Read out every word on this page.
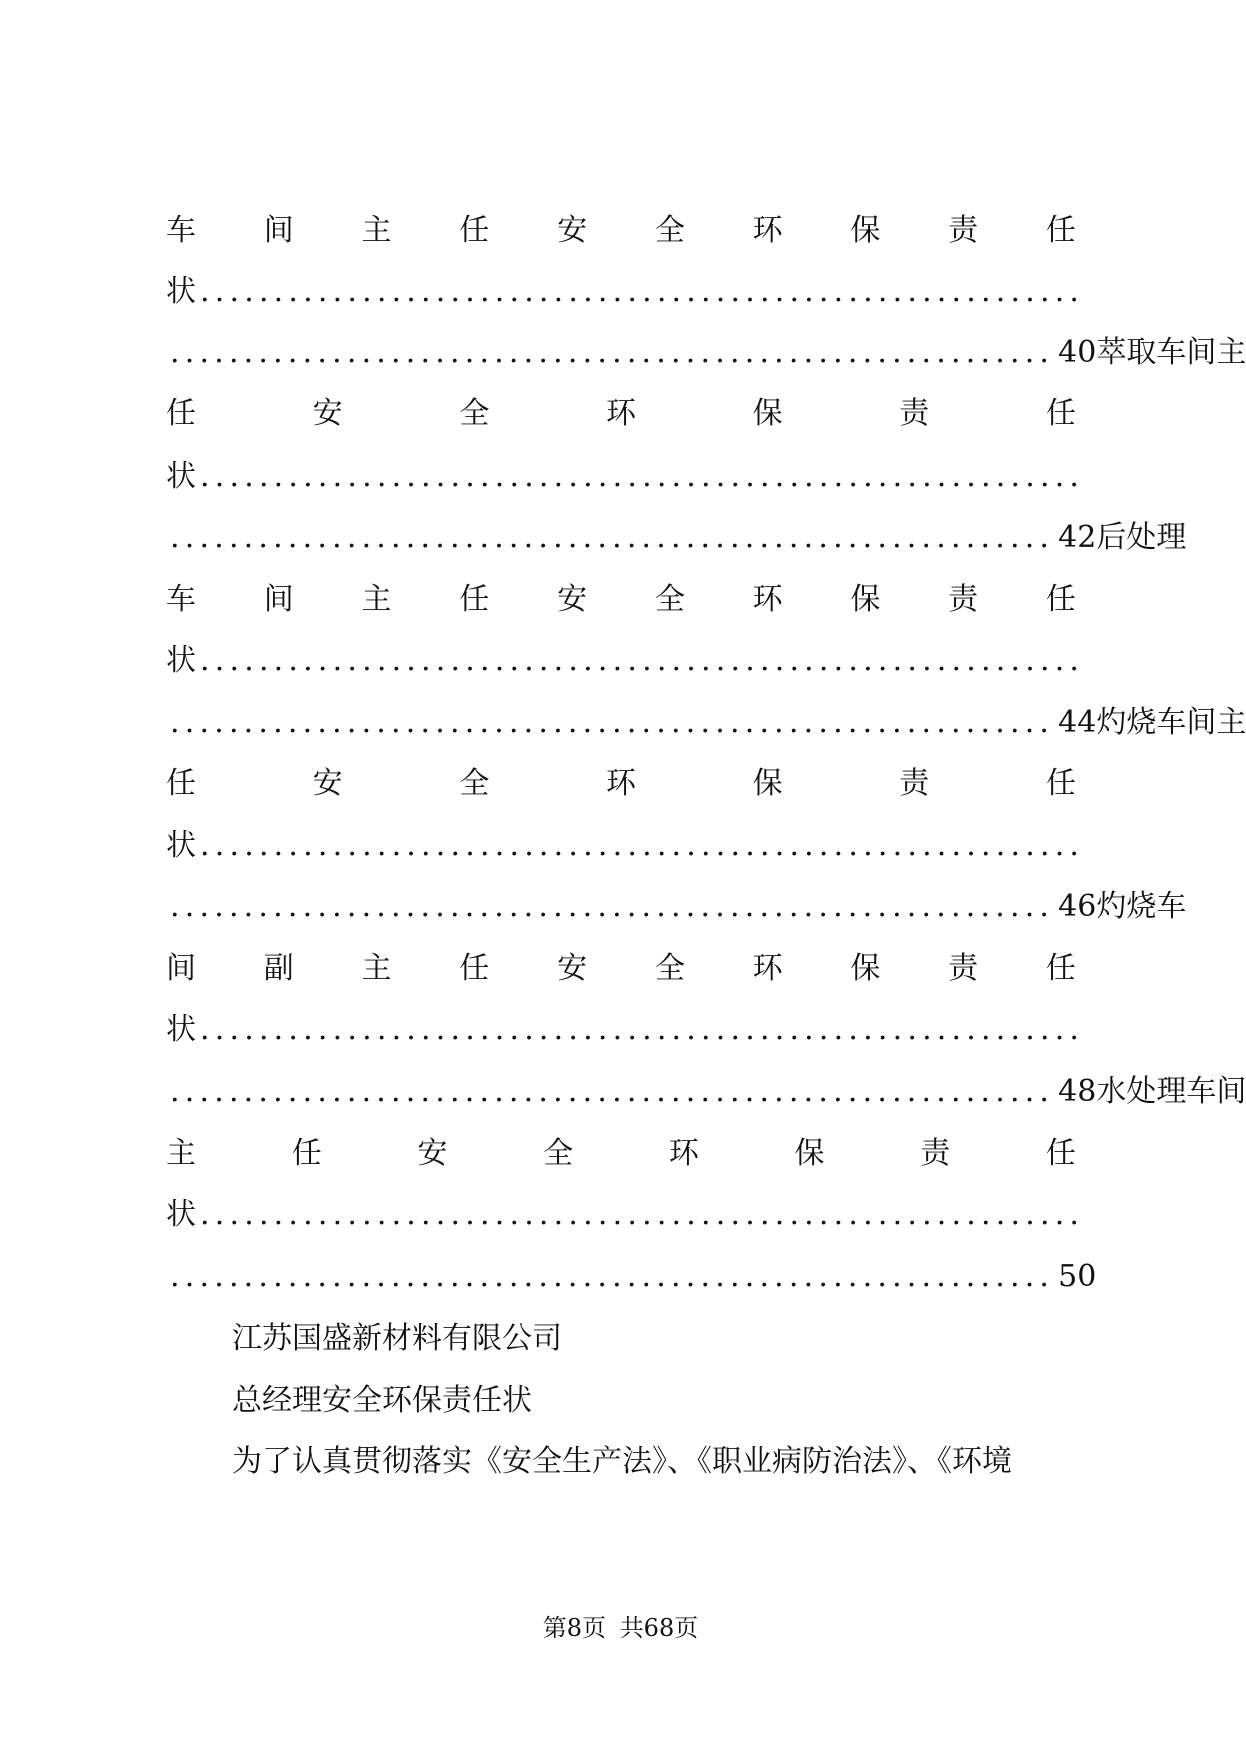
车 间 主 任 安 全 环 保 责 任
状 ............................................................
............................................................ 40萃取车间主
任	安	全	环	保	责	任
状 ............................................................
............................................................ 42后处理
车 间 主 任 安 全 环 保 责 任
状 ............................................................
............................................................ 44灼烧车间主
任	安	全	环	保	责	任
状 ............................................................
............................................................ 46灼烧车
间 副 主 任 安 全 环 保 责 任
状 ............................................................
............................................................ 48水处理车间
主	任	安	全	环	保	责	任
状 ............................................................
............................................................ 50
江苏国盛新材料有限公司
总经理安全环保责任状
为了认真贯彻落实《安全生产法》、《职业病防治法》、《环境
第8页 共68页
